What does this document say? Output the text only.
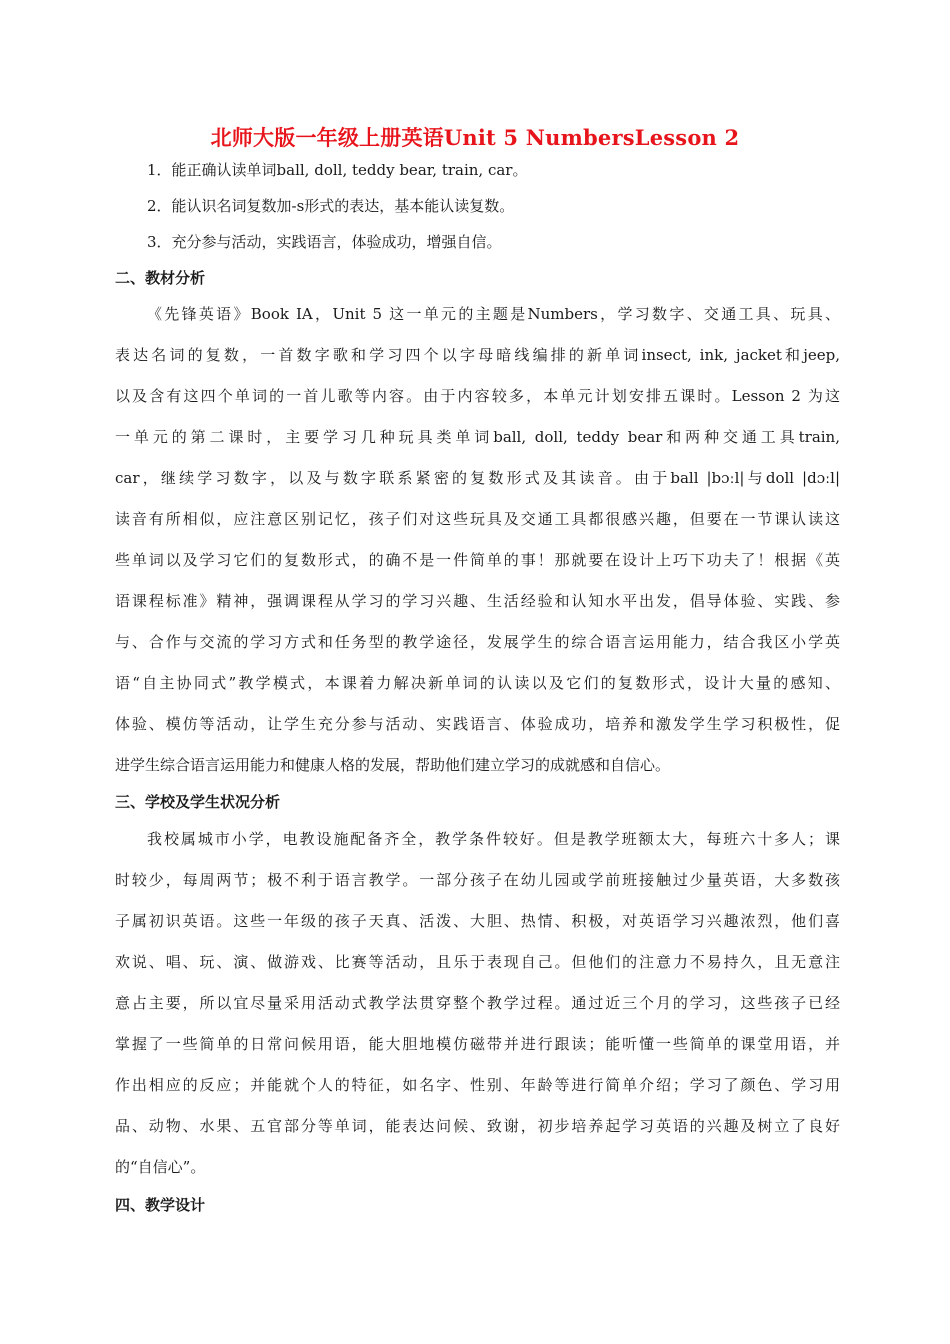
北师大版一年级上册英语Unit 5 NumbersLesson 2
1．能正确认读单词ball, doll, teddy bear, train, car。
2．能认识名词复数加-s形式的表达，基本能认读复数。
3．充分参与活动，实践语言，体验成功，增强自信。
二、教材分析
《先锋英语》Book IA，Unit 5 这一单元的主题是Numbers，学习数字、交通工具、玩具、
表达名词的复数，一首数字歌和学习四个以字母暗线编排的新单词insect, ink, jacket和jeep,
以及含有这四个单词的一首儿歌等内容。由于内容较多，本单元计划安排五课时。Lesson 2 为这
一单元的第二课时，主要学习几种玩具类单词ball, doll, teddy bear和两种交通工具train,
car，继续学习数字，以及与数字联系紧密的复数形式及其读音。由于ball |bɔːl|与doll |dɔːl|
读音有所相似，应注意区别记忆，孩子们对这些玩具及交通工具都很感兴趣，但要在一节课认读这
些单词以及学习它们的复数形式，的确不是一件简单的事！那就要在设计上巧下功夫了！根据《英
语课程标准》精神，强调课程从学习的学习兴趣、生活经验和认知水平出发，倡导体验、实践、参
与、合作与交流的学习方式和任务型的教学途径，发展学生的综合语言运用能力，结合我区小学英
语“自主协同式”教学模式，本课着力解决新单词的认读以及它们的复数形式，设计大量的感知、
体验、模仿等活动，让学生充分参与活动、实践语言、体验成功，培养和激发学生学习积极性，促
进学生综合语言运用能力和健康人格的发展，帮助他们建立学习的成就感和自信心。
三、学校及学生状况分析
我校属城市小学，电教设施配备齐全，教学条件较好。但是教学班额太大，每班六十多人；课
时较少，每周两节；极不利于语言教学。一部分孩子在幼儿园或学前班接触过少量英语，大多数孩
子属初识英语。这些一年级的孩子天真、活泼、大胆、热情、积极，对英语学习兴趣浓烈，他们喜
欢说、唱、玩、演、做游戏、比赛等活动，且乐于表现自己。但他们的注意力不易持久，且无意注
意占主要，所以宜尽量采用活动式教学法贯穿整个教学过程。通过近三个月的学习，这些孩子已经
掌握了一些简单的日常问候用语，能大胆地模仿磁带并进行跟读；能听懂一些简单的课堂用语，并
作出相应的反应；并能就个人的特征，如名字、性别、年龄等进行简单介绍；学习了颜色、学习用
品、动物、水果、五官部分等单词，能表达问候、致谢，初步培养起学习英语的兴趣及树立了良好
的“自信心”。
四、教学设计
